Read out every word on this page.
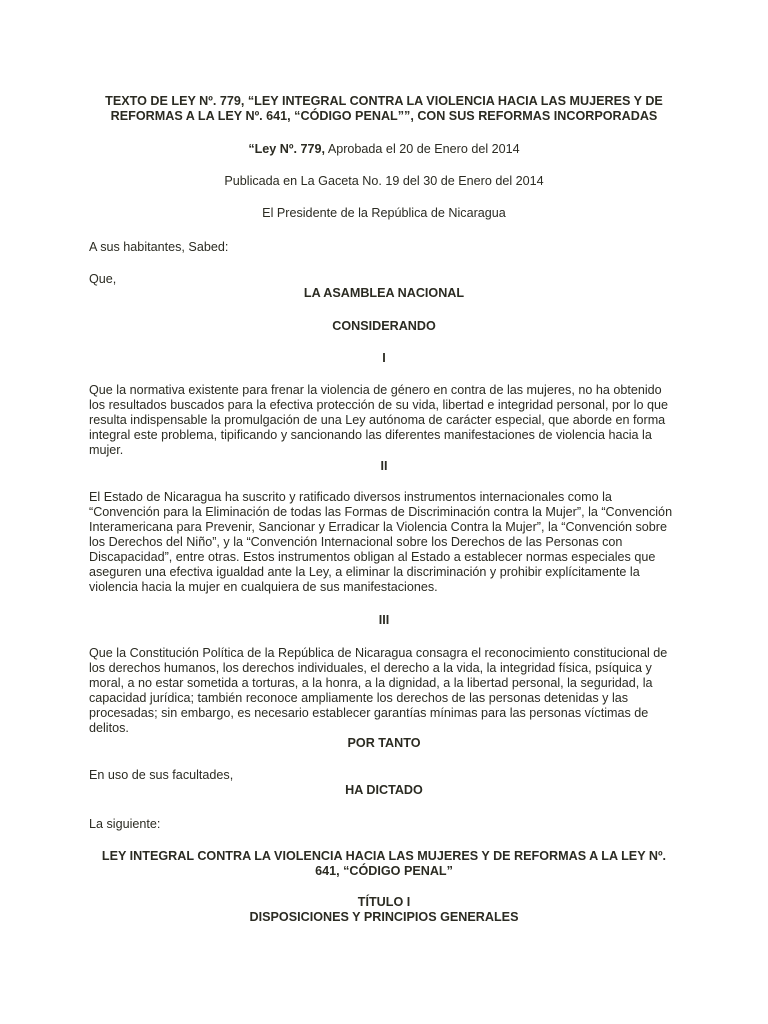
TEXTO DE LEY Nº. 779, “LEY INTEGRAL CONTRA LA VIOLENCIA HACIA LAS MUJERES Y DE
REFORMAS A LA LEY Nº. 641, “CÓDIGO PENAL””, CON SUS REFORMAS INCORPORADAS
“Ley Nº. 779, Aprobada el 20 de Enero del 2014
Publicada en La Gaceta No. 19 del 30 de Enero del 2014
El Presidente de la República de Nicaragua
A sus habitantes, Sabed:
Que,
LA ASAMBLEA NACIONAL
CONSIDERANDO
I

Que la normativa existente para frenar la violencia de género en contra de las mujeres, no ha obtenido los resultados buscados para la efectiva protección de su vida, libertad e integridad personal, por lo que resulta indispensable la promulgación de una Ley autónoma de carácter especial, que aborde en forma integral este problema, tipificando y sancionando las diferentes manifestaciones de violencia hacia la mujer.

II

El Estado de Nicaragua ha suscrito y ratificado diversos instrumentos internacionales como la “Convención para la Eliminación de todas las Formas de Discriminación contra la Mujer”, la “Convención Interamericana para Prevenir, Sancionar y Erradicar la Violencia Contra la Mujer”, la “Convención sobre los Derechos del Niño”, y la “Convención Internacional sobre los Derechos de las Personas con Discapacidad”, entre otras. Estos instrumentos obligan al Estado a establecer normas especiales que aseguren una efectiva igualdad ante la Ley, a eliminar la discriminación y prohibir explícitamente la violencia hacia la mujer en cualquiera de sus manifestaciones.

III

Que la Constitución Política de la República de Nicaragua consagra el reconocimiento constitucional de los derechos humanos, los derechos individuales, el derecho a la vida, la integridad física, psíquica y moral, a no estar sometida a torturas, a la honra, a la dignidad, a la libertad personal, la seguridad, la capacidad jurídica; también reconoce ampliamente los derechos de las personas detenidas y las procesadas; sin embargo, es necesario establecer garantías mínimas para las personas víctimas de delitos.

POR TANTO
En uso de sus facultades,
HA DICTADO
La siguiente:
LEY INTEGRAL CONTRA LA VIOLENCIA HACIA LAS MUJERES Y DE REFORMAS A LA LEY Nº.
641, “CÓDIGO PENAL”
TÍTULO I
DISPOSICIONES Y PRINCIPIOS GENERALES
